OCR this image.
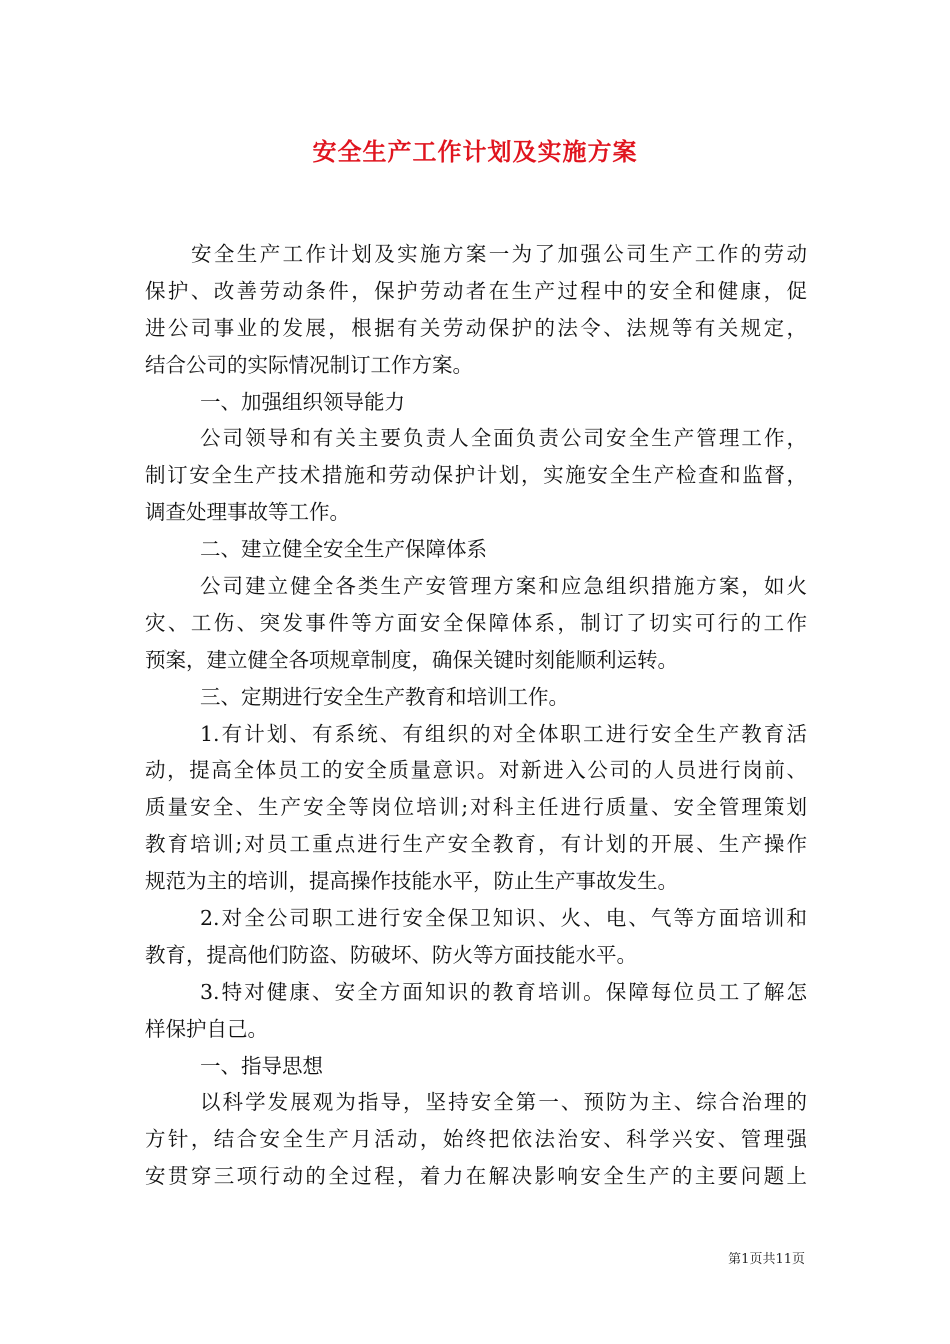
安全生产工作计划及实施方案
安全生产工作计划及实施方案一为了加强公司生产工作的劳动
保护、改善劳动条件，保护劳动者在生产过程中的安全和健康，促
进公司事业的发展，根据有关劳动保护的法令、法规等有关规定，
结合公司的实际情况制订工作方案。
一、加强组织领导能力
公司领导和有关主要负责人全面负责公司安全生产管理工作，
制订安全生产技术措施和劳动保护计划，实施安全生产检查和监督，
调查处理事故等工作。
二、建立健全安全生产保障体系
公司建立健全各类生产安管理方案和应急组织措施方案，如火
灾、工伤、突发事件等方面安全保障体系，制订了切实可行的工作
预案，建立健全各项规章制度，确保关键时刻能顺利运转。
三、定期进行安全生产教育和培训工作。
1.有计划、有系统、有组织的对全体职工进行安全生产教育活
动，提高全体员工的安全质量意识。对新进入公司的人员进行岗前、
质量安全、生产安全等岗位培训;对科主任进行质量、安全管理策划
教育培训;对员工重点进行生产安全教育，有计划的开展、生产操作
规范为主的培训，提高操作技能水平，防止生产事故发生。
2.对全公司职工进行安全保卫知识、火、电、气等方面培训和
教育，提高他们防盗、防破坏、防火等方面技能水平。
3.特对健康、安全方面知识的教育培训。保障每位员工了解怎
样保护自己。
一、指导思想
以科学发展观为指导，坚持安全第一、预防为主、综合治理的
方针，结合安全生产月活动，始终把依法治安、科学兴安、管理强
安贯穿三项行动的全过程，着力在解决影响安全生产的主要问题上
第1页共11页
